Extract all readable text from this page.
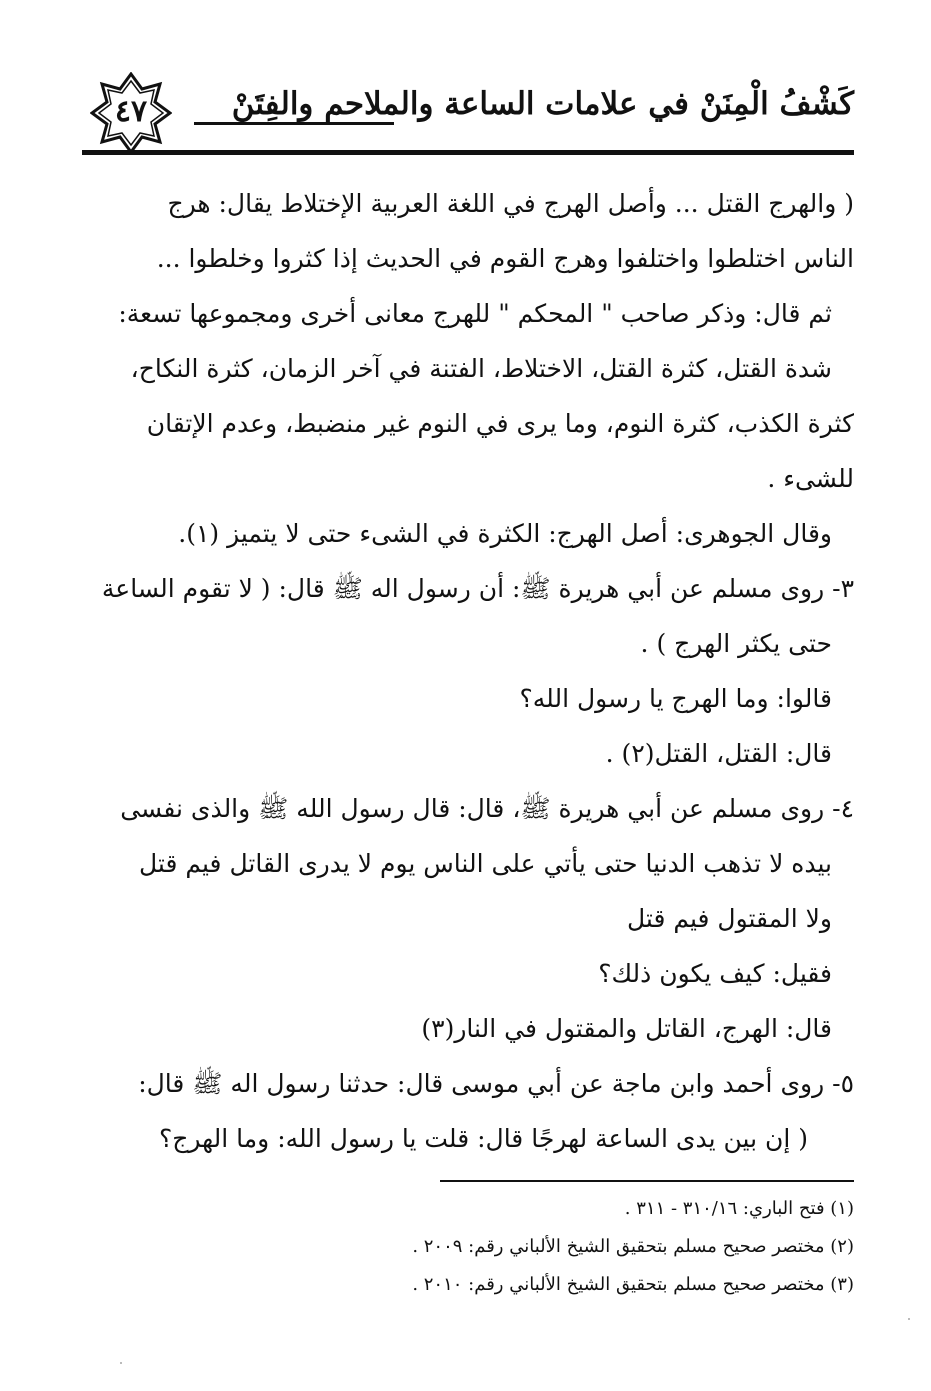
٤٧	كَشْفُ الْمِنَنْ في علامات الساعة والملاحم والفِتَنْ
( والهرج القتل ... وأصل الهرج في اللغة العربية الإختلاط يقال: هرج
الناس اختلطوا واختلفوا وهرج القوم في الحديث إذا كثروا وخلطوا ...
ثم قال: وذكر صاحب " المحكم " للهرج معانى أخرى ومجموعها تسعة:
شدة القتل، كثرة القتل، الاختلاط، الفتنة في آخر الزمان، كثرة النكاح،
كثرة الكذب، كثرة النوم، وما يرى في النوم غير منضبط، وعدم الإتقان
للشىء .
وقال الجوهرى: أصل الهرج: الكثرة في الشىء حتى لا يتميز (١).
٣- روى مسلم عن أبي هريرة ﷺ: أن رسول اله ﷺ قال: ( لا تقوم الساعة
حتى يكثر الهرج ) .
قالوا: وما الهرج يا رسول الله؟
قال: القتل، القتل(٢) .
٤- روى مسلم عن أبي هريرة ﷺ، قال: قال رسول الله ﷺ والذى نفسى
بيده لا تذهب الدنيا حتى يأتي على الناس يوم لا يدرى القاتل فيم قتل
ولا المقتول فيم قتل
فقيل: كيف يكون ذلك؟
قال: الهرج، القاتل والمقتول في النار(٣)
٥- روى أحمد وابن ماجة عن أبي موسى قال: حدثنا رسول اله ﷺ قال:
( إن بين يدى الساعة لهرجًا قال: قلت يا رسول الله: وما الهرج؟
(١) فتح الباري: ٣١٠/١٦ - ٣١١ .
(٢) مختصر صحيح مسلم بتحقيق الشيخ الألباني رقم: ٢٠٠٩ .
(٣) مختصر صحيح مسلم بتحقيق الشيخ الألباني رقم: ٢٠١٠ .
